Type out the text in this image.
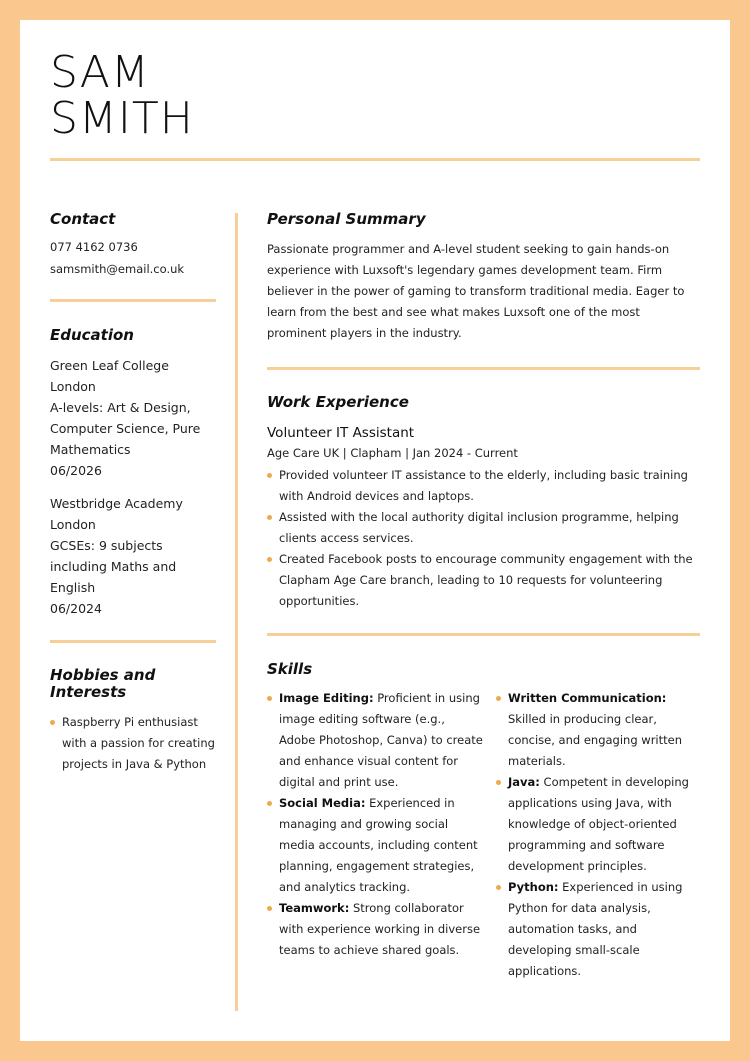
SAM
SMITH
Contact
077 4162 0736
samsmith@email.co.uk
Education
Green Leaf College
London
A-levels: Art & Design,
Computer Science, Pure
Mathematics
06/2026
Westbridge Academy
London
GCSEs: 9 subjects
including Maths and
English
06/2024
Hobbies and
Interests
Raspberry Pi enthusiast with a passion for creating projects in Java & Python
Personal Summary
Passionate programmer and A-level student seeking to gain hands-on experience with Luxsoft's legendary games development team. Firm believer in the power of gaming to transform traditional media. Eager to learn from the best and see what makes Luxsoft one of the most prominent players in the industry.
Work Experience
Volunteer IT Assistant
Age Care UK | Clapham | Jan 2024 - Current
Provided volunteer IT assistance to the elderly, including basic training with Android devices and laptops.
Assisted with the local authority digital inclusion programme, helping clients access services.
Created Facebook posts to encourage community engagement with the Clapham Age Care branch, leading to 10 requests for volunteering opportunities.
Skills
Image Editing: Proficient in using image editing software (e.g., Adobe Photoshop, Canva) to create and enhance visual content for digital and print use.
Social Media: Experienced in managing and growing social media accounts, including content planning, engagement strategies, and analytics tracking.
Teamwork: Strong collaborator with experience working in diverse teams to achieve shared goals.
Written Communication: Skilled in producing clear, concise, and engaging written materials.
Java: Competent in developing applications using Java, with knowledge of object-oriented programming and software development principles.
Python: Experienced in using Python for data analysis, automation tasks, and developing small-scale applications.
